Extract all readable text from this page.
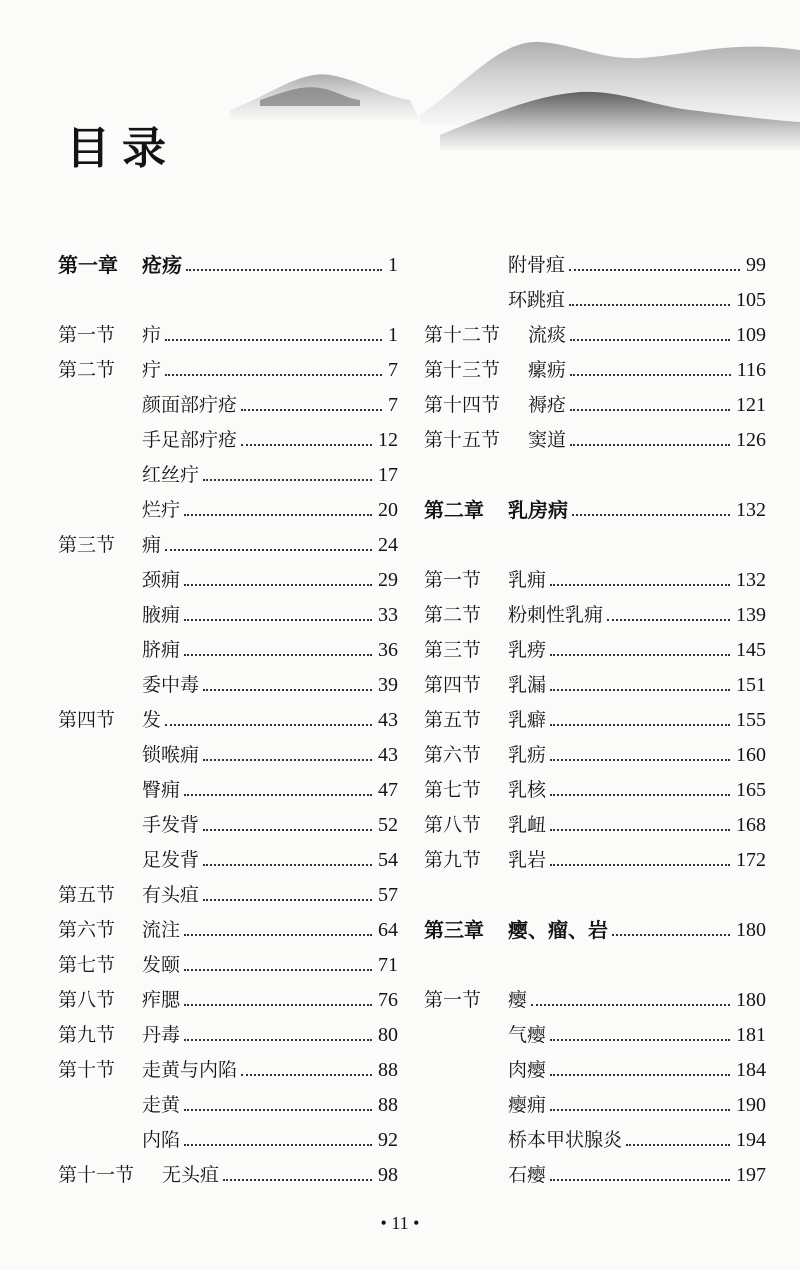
目录
第一章	疮疡	1
第一节	疖	1
第二节	疔	7
颜面部疔疮	7
手足部疔疮	12
红丝疔	17
烂疔	20
第三节	痈	24
颈痈	29
腋痈	33
脐痈	36
委中毒	39
第四节	发	43
锁喉痈	43
臀痈	47
手发背	52
足发背	54
第五节	有头疽	57
第六节	流注	64
第七节	发颐	71
第八节	痄腮	76
第九节	丹毒	80
第十节	走黄与内陷	88
走黄	88
内陷	92
第十一节	无头疽	98
附骨疽	99
环跳疽	105
第十二节	流痰	109
第十三节	瘰疬	116
第十四节	褥疮	121
第十五节	窦道	126
第二章	乳房病	132
第一节	乳痈	132
第二节	粉刺性乳痈	139
第三节	乳痨	145
第四节	乳漏	151
第五节	乳癖	155
第六节	乳疬	160
第七节	乳核	165
第八节	乳衄	168
第九节	乳岩	172
第三章	瘿、瘤、岩	180
第一节	瘿	180
气瘿	181
肉瘿	184
瘿痈	190
桥本甲状腺炎	194
石瘿	197
• 11 •
